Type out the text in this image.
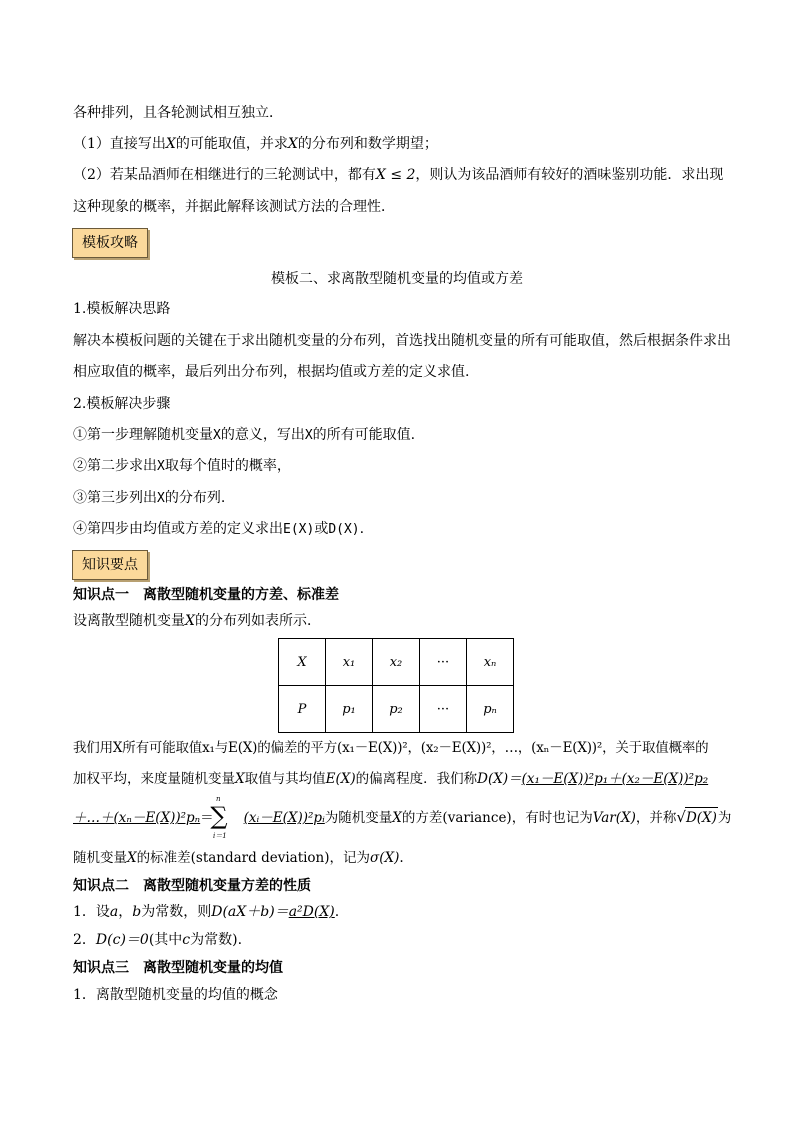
各种排列，且各轮测试相互独立．
（1）直接写出X的可能取值，并求X的分布列和数学期望；
（2）若某品酒师在相继进行的三轮测试中，都有X ≤ 2，则认为该品酒师有较好的酒味鉴别功能．求出现
这种现象的概率，并据此解释该测试方法的合理性．
模板攻略
模板二、求离散型随机变量的均值或方差
1.模板解决思路
解决本模板问题的关键在于求出随机变量的分布列，首选找出随机变量的所有可能取值，然后根据条件求出
相应取值的概率，最后列出分布列，根据均值或方差的定义求值.
2.模板解决步骤
①第一步理解随机变量X的意义，写出X的所有可能取值.
②第二步求出X取每个值时的概率，
③第三步列出X的分布列.
④第四步由均值或方差的定义求出E(X)或D(X).
知识要点
知识点一　离散型随机变量的方差、标准差
设离散型随机变量X的分布列如表所示．
X	x₁	x₂	···	xₙ
P	p₁	p₂	···	pₙ
我们用X所有可能取值x₁与E(X)的偏差的平方(x₁－E(X))²，(x₂－E(X))²，…，(xₙ－E(X))²，关于取值概率的
加权平均，来度量随机变量X取值与其均值E(X)的偏离程度．我们称D(X)＝(x₁－E(X))²p₁＋(x₂－E(X))²p₂
＋…＋(xₙ－E(X))²pₙ＝ (xᵢ－E(X))²pᵢ为随机变量X的方差(variance)，有时也记为Var(X)，并称√D(X)为
n
∑
i＝1
随机变量X的标准差(standard deviation)，记为σ(X).
知识点二　离散型随机变量方差的性质
1．设a，b为常数，则D(aX＋b)＝a²D(X).
2．D(c)＝0(其中c为常数).
知识点三　离散型随机变量的均值
1．离散型随机变量的均值的概念
